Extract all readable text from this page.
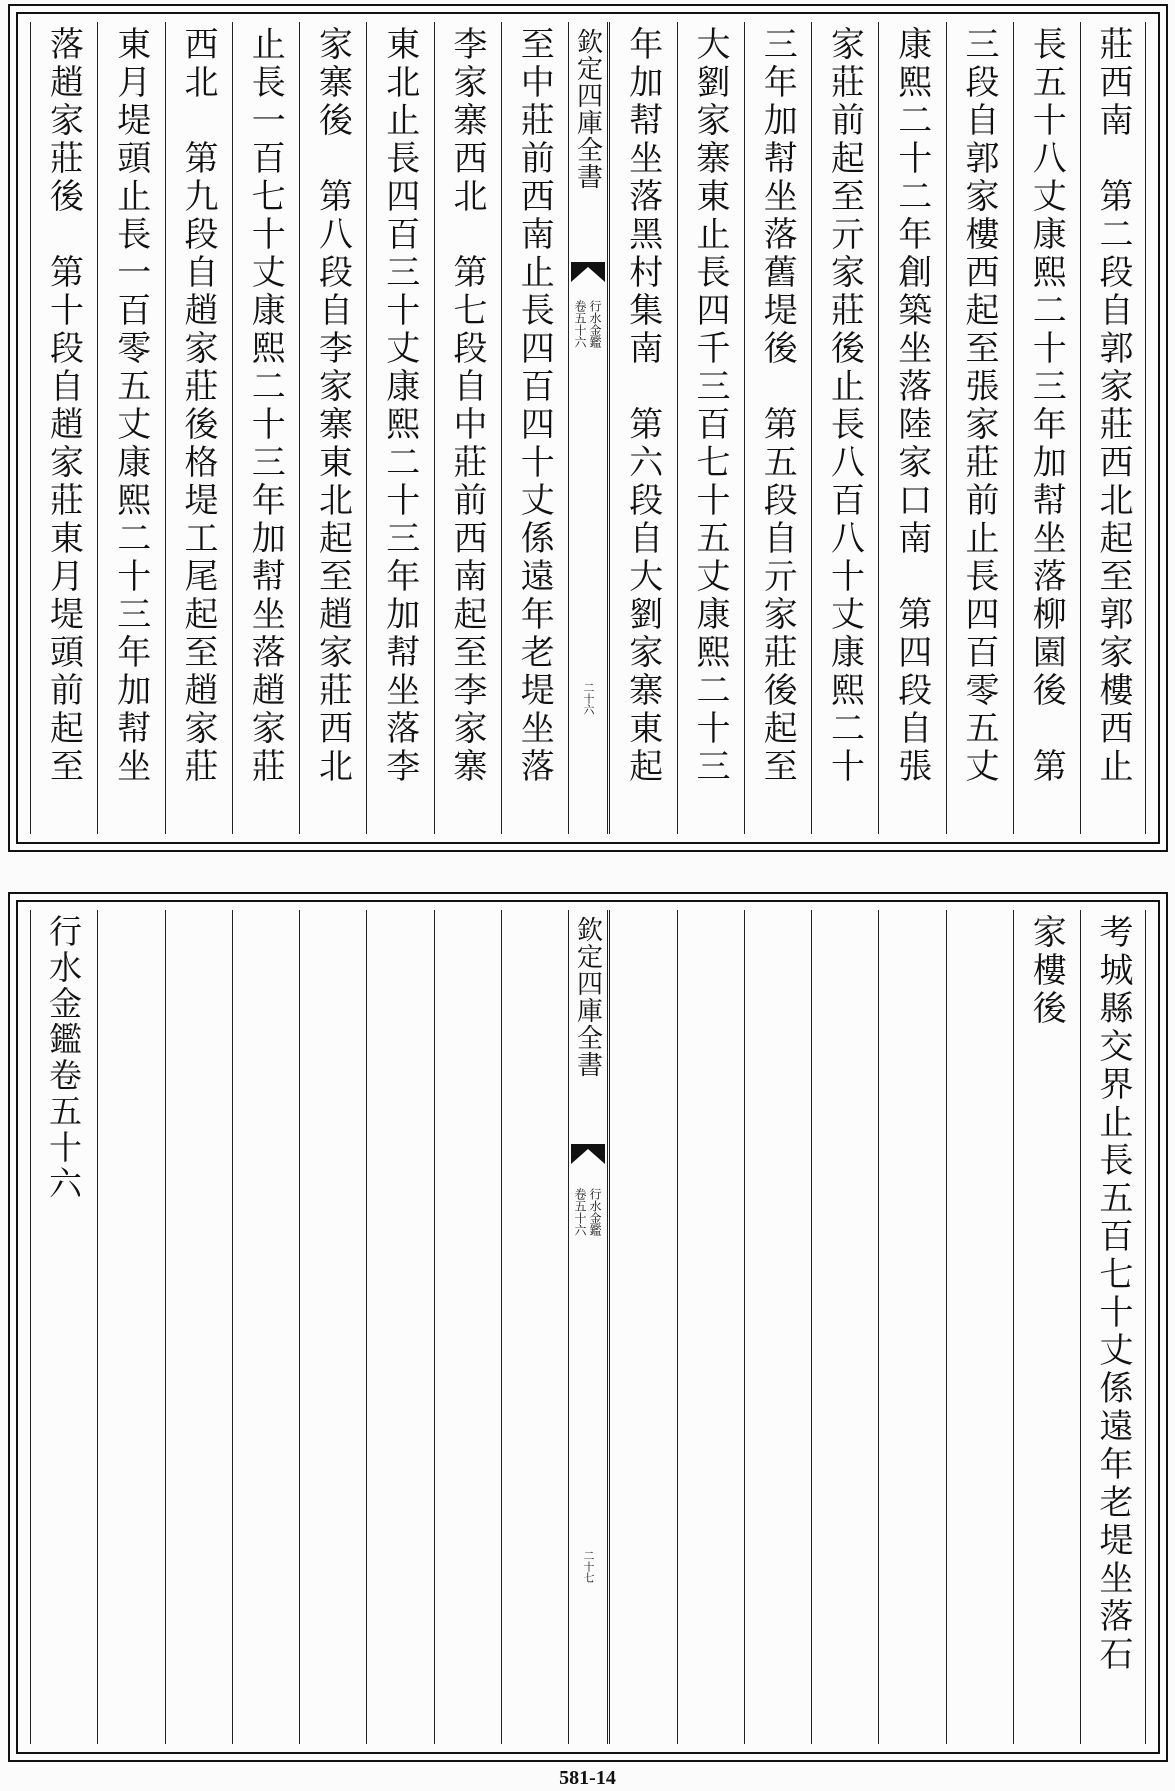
莊西南　第二段自郭家莊西北起至郭家樓西止
長五十八丈康熙二十三年加幇坐落柳園後　第
三段自郭家樓西起至張家莊前止長四百零五丈
康熙二十二年創築坐落陸家口南　第四段自張
家莊前起至亓家莊後止長八百八十丈康熙二十
三年加幇坐落舊堤後　第五段自亓家莊後起至
大劉家寨東止長四千三百七十五丈康熙二十三
年加幇坐落黑村集南　第六段自大劉家寨東起
欽定四庫全書
行水金鑑
卷五十六
二十六
至中莊前西南止長四百四十丈係遠年老堤坐落
李家寨西北　第七段自中莊前西南起至李家寨
東北止長四百三十丈康熙二十三年加幇坐落李
家寨後　第八段自李家寨東北起至趙家莊西北
止長一百七十丈康熙二十三年加幇坐落趙家莊
西北　第九段自趙家莊後格堤工尾起至趙家莊
東月堤頭止長一百零五丈康熙二十三年加幇坐
落趙家莊後　第十段自趙家莊東月堤頭前起至
考城縣交界止長五百七十丈係遠年老堤坐落石
家樓後
欽定四庫全書
行水金鑑
卷五十六
二十七
行水金鑑卷五十六
581-14
